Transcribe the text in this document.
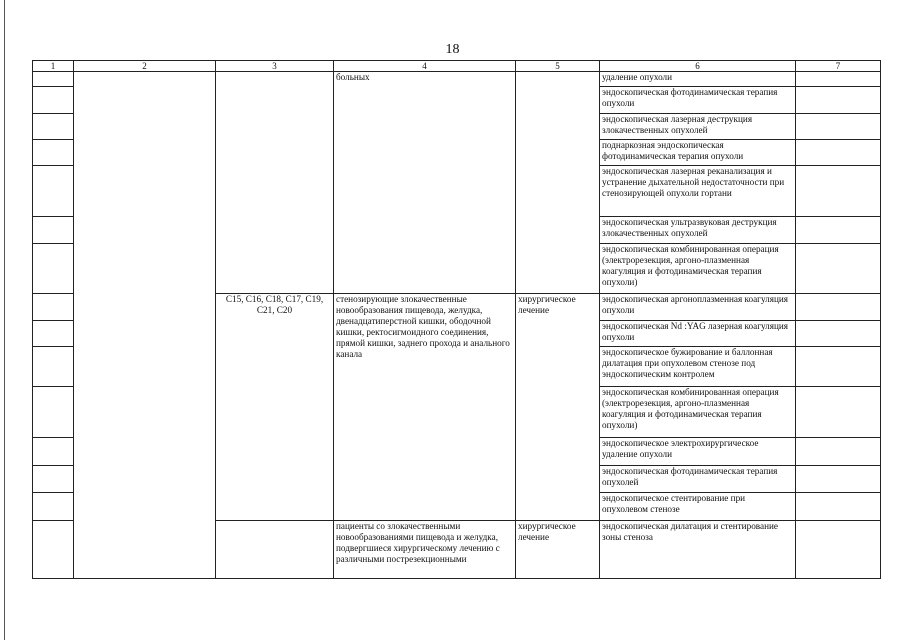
18
1	2	3	4	5	6	7
			больных		удаление опухоли	
					эндоскопическая фотодинамическая терапия опухоли	
					эндоскопическая лазерная деструкция злокачественных опухолей	
					поднаркозная эндоскопическая фотодинамическая терапия опухоли	
					эндоскопическая лазерная реканализация и устранение дыхательной недостаточности при стенозирующей опухоли гортани	
					эндоскопическая ультразвуковая деструкция злокачественных опухолей	
					эндоскопическая комбинированная операция (электрорезекция, аргоно-плазменная коагуляция и фотодинамическая терапия опухоли)	
		C15, C16, C18, C17, C19, C21, C20	стенозирующие злокачественные новообразования пищевода, желудка, двенадцатиперстной кишки, ободочной кишки, ректосигмоидного соединения, прямой кишки, заднего прохода и анального канала	хирургическое лечение	эндоскопическая аргоноплазменная коагуляция опухоли	
					эндоскопическая Nd :YAG лазерная коагуляция опухоли	
					эндоскопическое бужирование и баллонная дилатация при опухолевом стенозе под эндоскопическим контролем	
					эндоскопическая комбинированная операция (электрорезекция, аргоно-плазменная коагуляция и фотодинамическая терапия опухоли)	
					эндоскопическое электрохирургическое удаление опухоли	
					эндоскопическая фотодинамическая терапия опухолей	
					эндоскопическое стентирование при опухолевом стенозе	
			пациенты со злокачественными новообразованиями пищевода и желудка, подвергшиеся хирургическому лечению с различными пострезекционными	хирургическое лечение	эндоскопическая дилатация и стентирование зоны стеноза	
